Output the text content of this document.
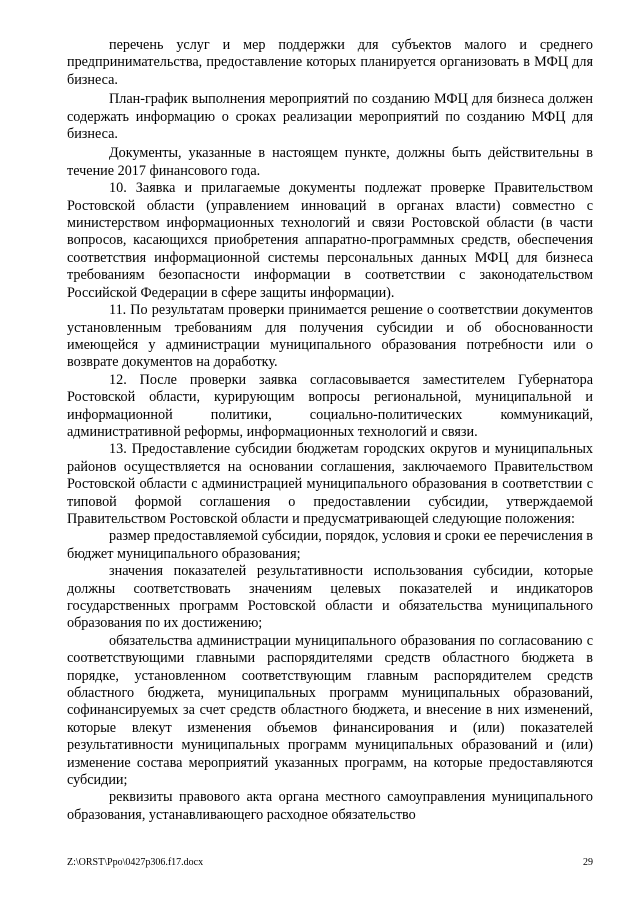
перечень услуг и мер поддержки для субъектов малого и среднего предпринимательства, предоставление которых планируется организовать в МФЦ для бизнеса.

План-график выполнения мероприятий по созданию МФЦ для бизнеса должен содержать информацию о сроках реализации мероприятий по созданию МФЦ для бизнеса.

Документы, указанные в настоящем пункте, должны быть действительны в течение 2017 финансового года.

10. Заявка и прилагаемые документы подлежат проверке Правительством Ростовской области (управлением инноваций в органах власти) совместно с министерством информационных технологий и связи Ростовской области (в части вопросов, касающихся приобретения аппаратно-программных средств, обеспечения соответствия информационной системы персональных данных МФЦ для бизнеса требованиям безопасности информации в соответствии с законодательством Российской Федерации в сфере защиты информации).

11. По результатам проверки принимается решение о соответствии документов установленным требованиям для получения субсидии и об обоснованности имеющейся у администрации муниципального образования потребности или о возврате документов на доработку.

12. После проверки заявка согласовывается заместителем Губернатора Ростовской области, курирующим вопросы региональной, муниципальной и информационной политики, социально-политических коммуникаций, административной реформы, информационных технологий и связи.

13. Предоставление субсидии бюджетам городских округов и муниципальных районов осуществляется на основании соглашения, заключаемого Правительством Ростовской области с администрацией муниципального образования в соответствии с типовой формой соглашения о предоставлении субсидии, утверждаемой Правительством Ростовской области и предусматривающей следующие положения:

размер предоставляемой субсидии, порядок, условия и сроки ее перечисления в бюджет муниципального образования;

значения показателей результативности использования субсидии, которые должны соответствовать значениям целевых показателей и индикаторов государственных программ Ростовской области и обязательства муниципального образования по их достижению;

обязательства администрации муниципального образования по согласованию с соответствующими главными распорядителями средств областного бюджета в порядке, установленном соответствующим главным распорядителем средств областного бюджета, муниципальных программ муниципальных образований, софинансируемых за счет средств областного бюджета, и внесение в них изменений, которые влекут изменения объемов финансирования и (или) показателей результативности муниципальных программ муниципальных образований и (или) изменение состава мероприятий указанных программ, на которые предоставляются субсидии;

реквизиты правового акта органа местного самоуправления муниципального образования, устанавливающего расходное обязательство

Z:\ORST\Ppo\0427p306.f17.docx	29
